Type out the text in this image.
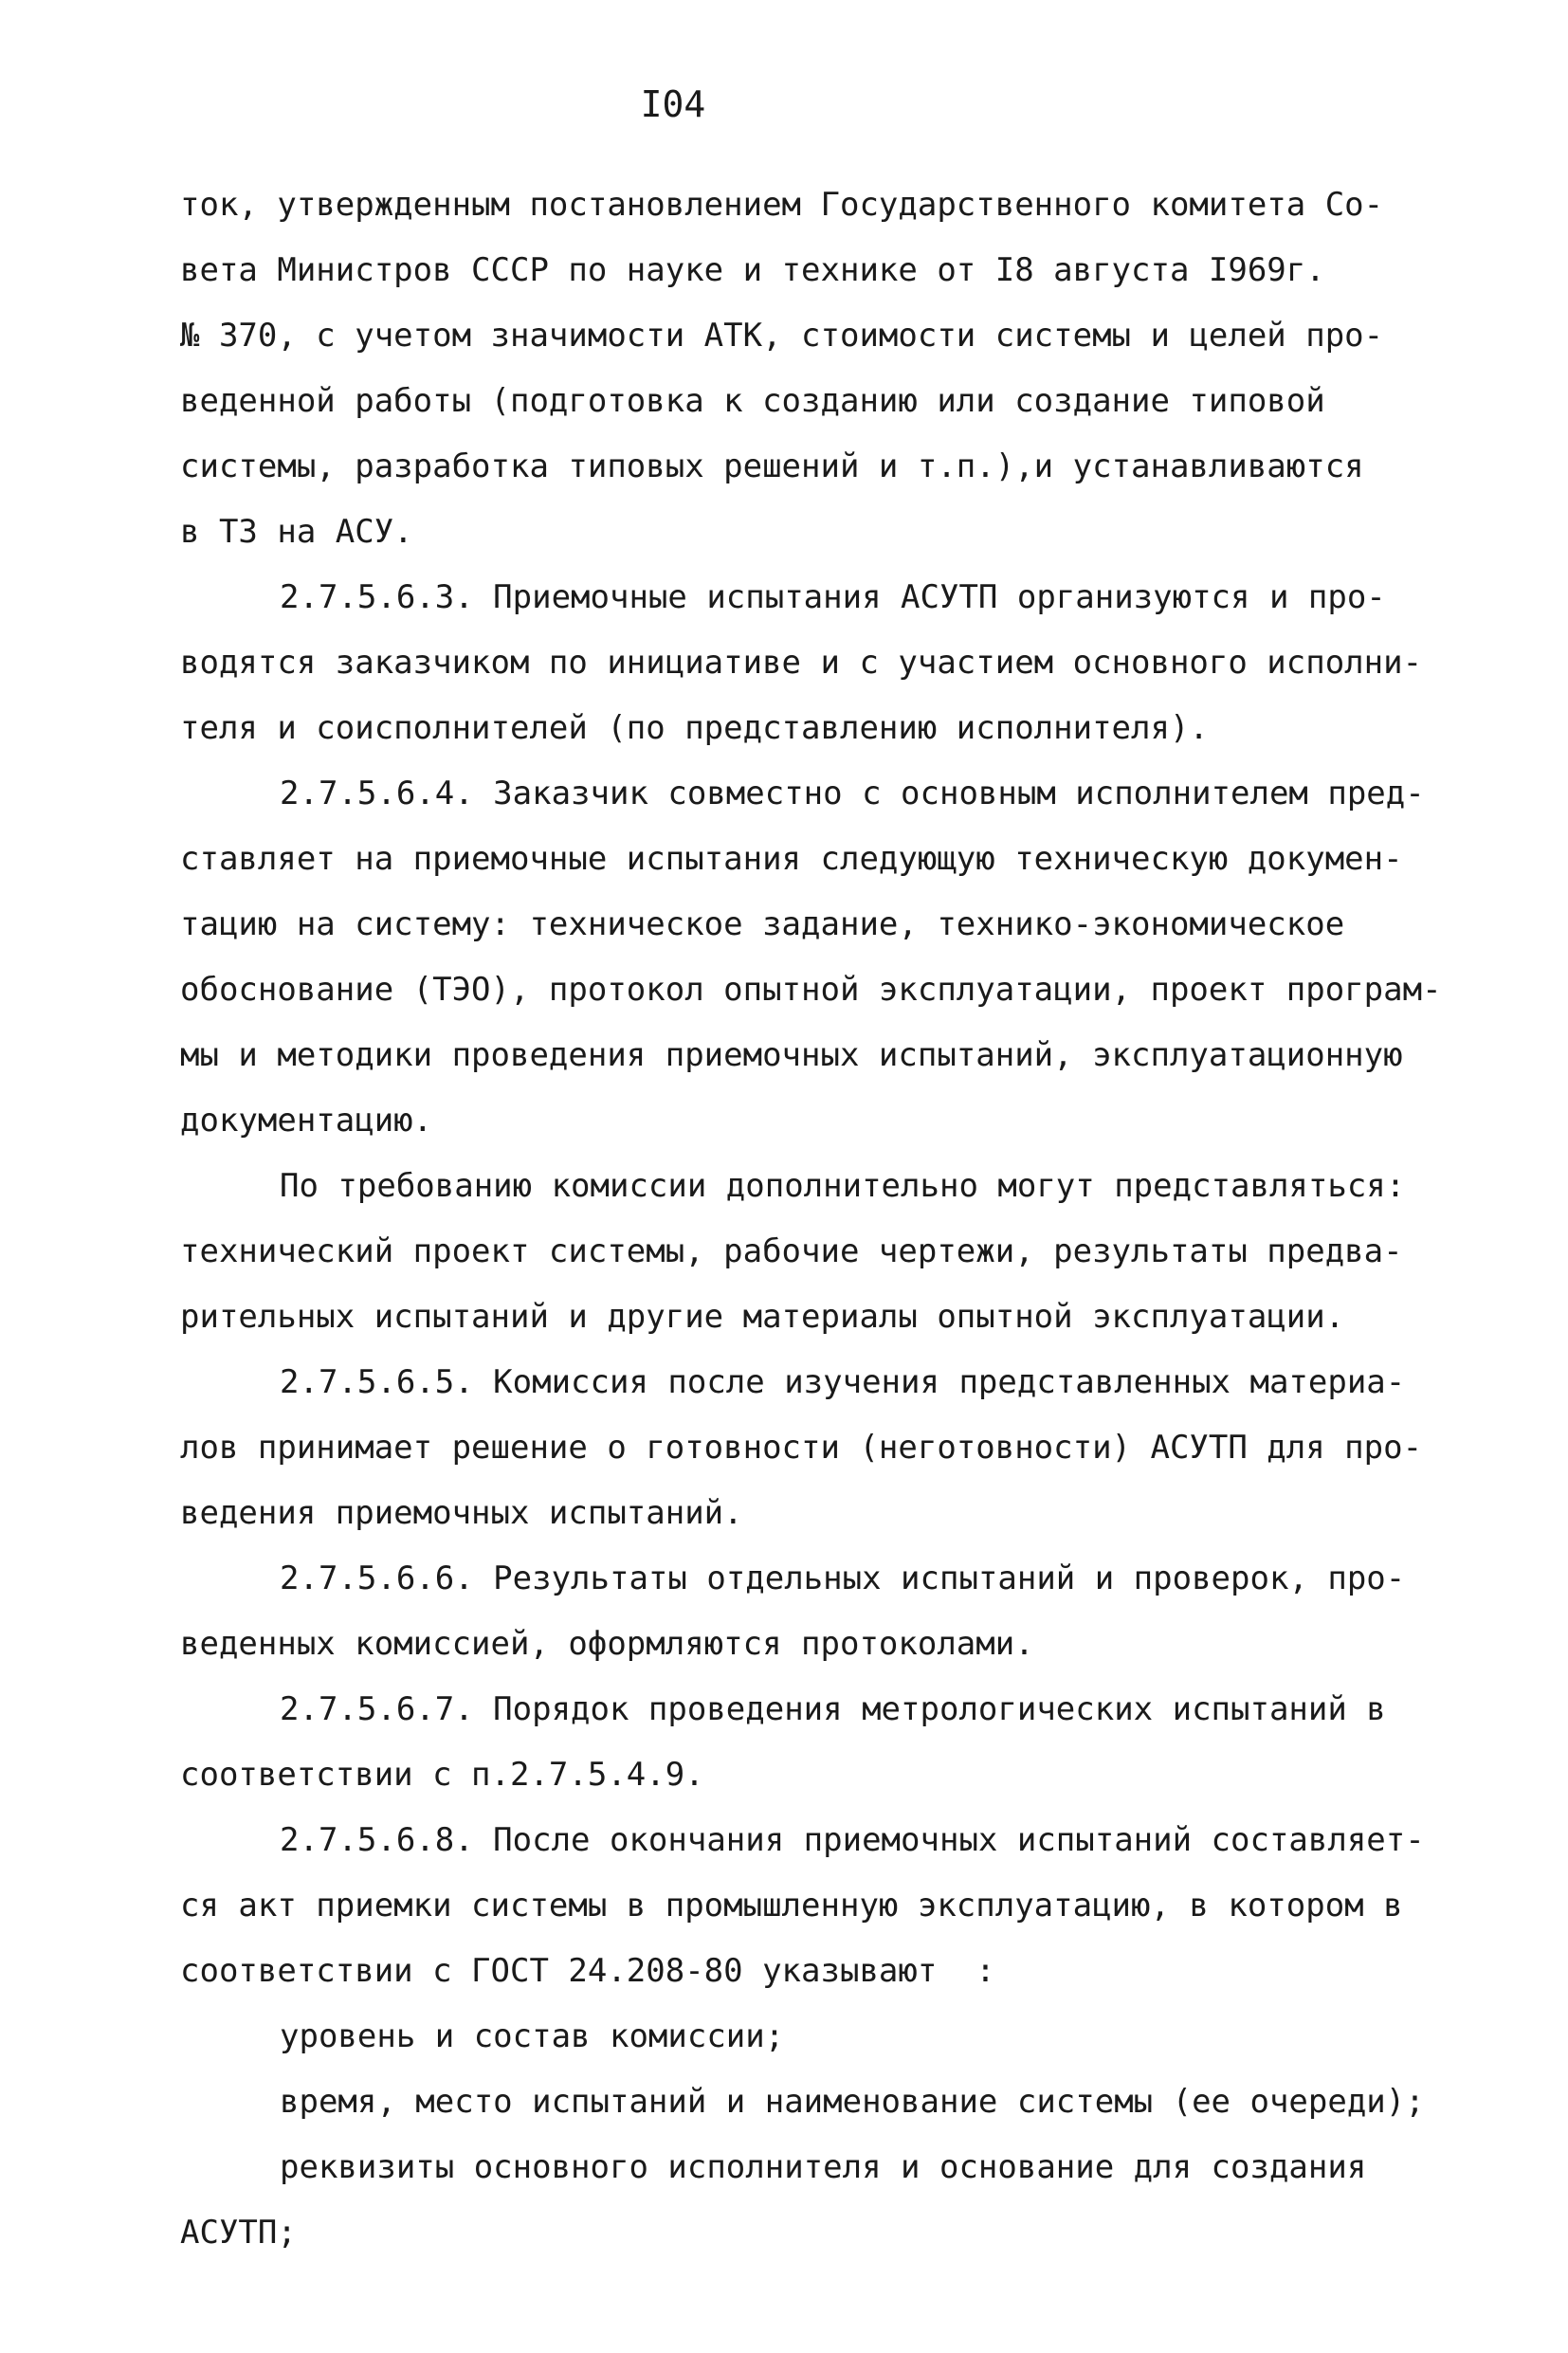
I04
ток, утвержденным постановлением Государственного комитета Со-
вета Министров СССР по науке и технике от I8 августа I969г.
№ 370, с учетом значимости АТК, стоимости системы и целей про-
веденной работы (подготовка к созданию или создание типовой
системы, разработка типовых решений и т.п.),и устанавливаются
в ТЗ на АСУ.
2.7.5.6.3. Приемочные испытания АСУТП организуются и про-
водятся заказчиком по инициативе и с участием основного исполни-
теля и соисполнителей (по представлению исполнителя).
2.7.5.6.4. Заказчик совместно с основным исполнителем пред-
ставляет на приемочные испытания следующую техническую докумен-
тацию на систему: техническое задание, технико-экономическое
обоснование (ТЭО), протокол опытной эксплуатации, проект програм-
мы и методики проведения приемочных испытаний, эксплуатационную
документацию.
По требованию комиссии дополнительно могут представляться:
технический проект системы, рабочие чертежи, результаты предва-
рительных испытаний и другие материалы опытной эксплуатации.
2.7.5.6.5. Комиссия после изучения представленных материа-
лов принимает решение о готовности (неготовности) АСУТП для про-
ведения приемочных испытаний.
2.7.5.6.6. Результаты отдельных испытаний и проверок, про-
веденных комиссией, оформляются протоколами.
2.7.5.6.7. Порядок проведения метрологических испытаний в
соответствии с п.2.7.5.4.9.
2.7.5.6.8. После окончания приемочных испытаний составляет-
ся акт приемки системы в промышленную эксплуатацию, в котором в
соответствии с ГОСТ 24.208-80 указывают  :
уровень и состав комиссии;
время, место испытаний и наименование системы (ее очереди);
реквизиты основного исполнителя и основание для создания
АСУТП;
